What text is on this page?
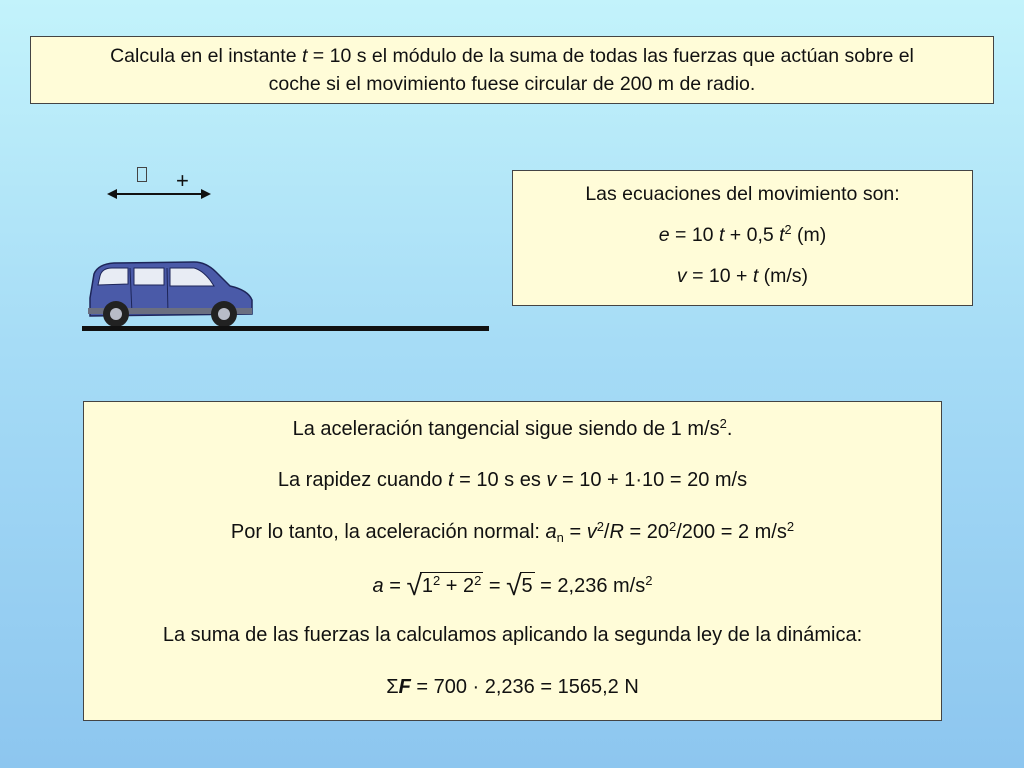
Calcula en el instante t = 10 s el módulo de la suma de todas las fuerzas que actúan sobre el
coche si el movimiento fuese circular de 200 m de radio.
+
Las ecuaciones del movimiento son:
e = 10 t + 0,5 $t^2$ (m)
v = 10 + t (m/s)
La aceleración tangencial sigue siendo de 1 $m/s^2$.
La rapidez cuando t = 10 s es v = 10 + 1·10 = 20 m/s
Por lo tanto, la aceleración normal: $a_n = v^2/R = 20^2/200 = 2$ $m/s^2$
$a = √1^2 + 2^2 = √5 = 2,236$ $m/s^2$
La suma de las fuerzas la calculamos aplicando la segunda ley de la dinámica:
ΣF = 700 · 2,236 = 1565,2 N
